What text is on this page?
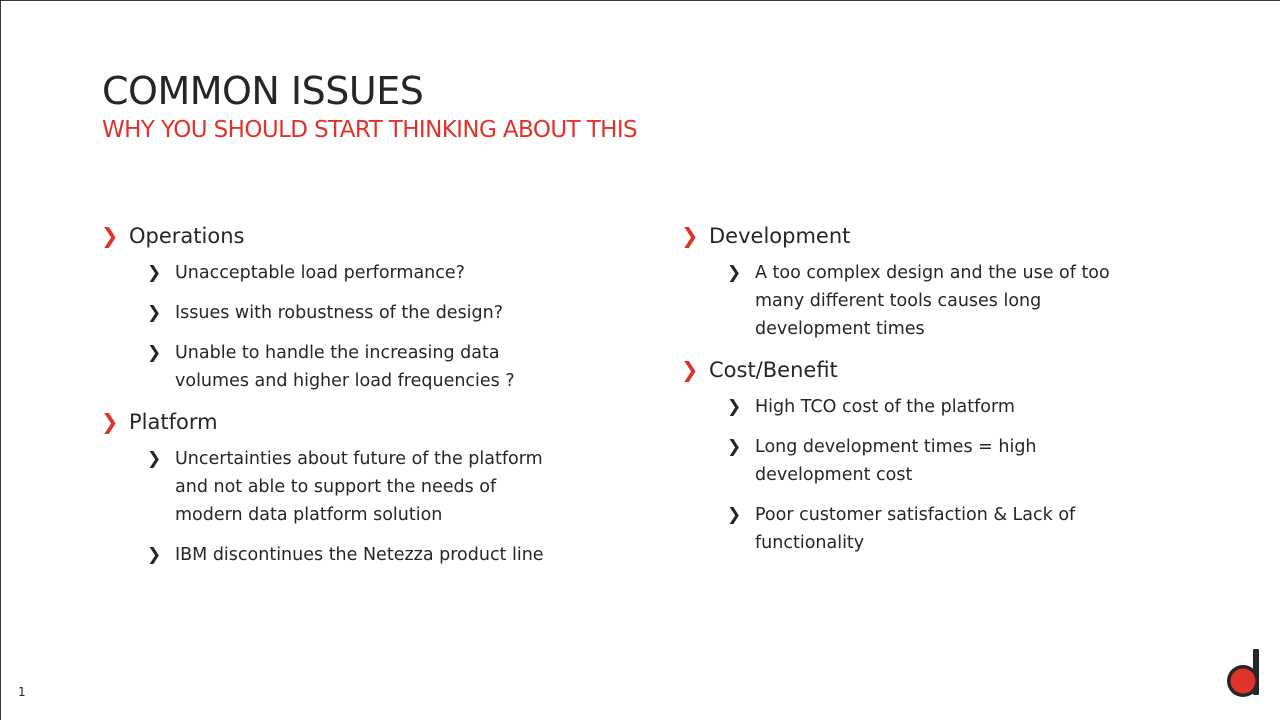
COMMON ISSUES
WHY YOU SHOULD START THINKING ABOUT THIS
❯ Operations
❯ Unacceptable load performance?
❯ Issues with robustness of the design?
❯ Unable to handle the increasing data volumes and higher load frequencies ?
❯ Platform
❯ Uncertainties about future of the platform and not able to support the needs of modern data platform solution
❯ IBM discontinues the Netezza product line
❯ Development
❯ A too complex design and the use of too many different tools causes long development times
❯ Cost/Benefit
❯ High TCO cost of the platform
❯ Long development times = high development cost
❯ Poor customer satisfaction & Lack of functionality
1
